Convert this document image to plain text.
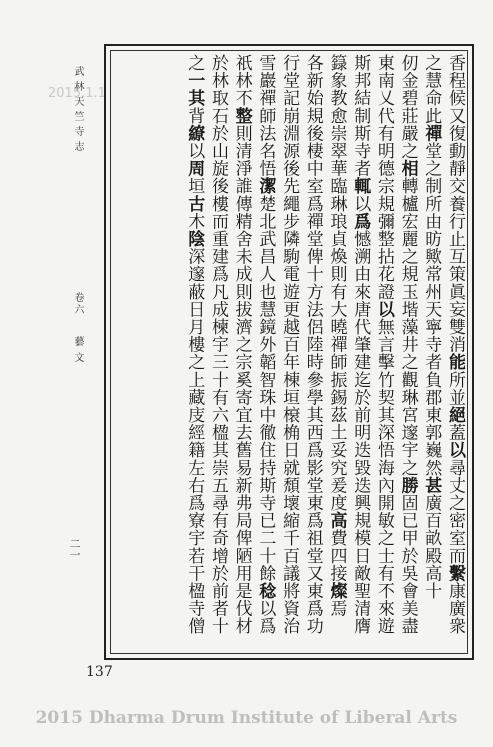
2015.1.1
武林天竺寺志
卷六
藝文
二一
香程候又復動靜交養行止互策眞妄雙消能所並絕蓋以尋丈之密室而繫康廣衆
之慧命此禪堂之制所由昉歟常州天寧寺者負郡東郭巍然甚廣百畝殿高十
仞金碧莊嚴之相轉櫨宏麗之規玉堦藻井之觀琳宮邃宇之勝固已甲於吳會美盡
東南乂代有明德宗規彌整拈花證以無言擊竹契其深悟海內開敏之士有不來遊
斯邦結制斯寺者輒以爲憾溯由來唐代肇建迄於前明迭毀迭興規模日敵聖清膺
籙象教愈崇翠華臨琳琅貞煥則有大曉禪師振錫茲土妥究爰度高費四接燦焉
各新始規後棲中室爲禪堂俾十方法侶陸時參學其西爲影堂東爲祖堂又東爲功
行堂記崩淵源後先繩步隣駒電遊更越百年棟垣榱桷日就頹壞縮千百議將資治
雪巖禪師法名悟潔楚北武昌人也慧鏡外韜智珠中徹住持斯寺已二十餘稔以爲
祇林不整則清淨誰傳精舍未成則拔濟之宗奚寄宜去舊易新弗局俾陋用是伐材
於林取石於山旋後樓而重建爲凡成楝宇三十有六楹其崇五尋有奇增於前者十
之一其背繚以周垣古木陰深邃蔽日月樓之上藏庋經籍左右爲寮宇若干楹寺僧
137
2015 Dharma Drum Institute of Liberal Arts
